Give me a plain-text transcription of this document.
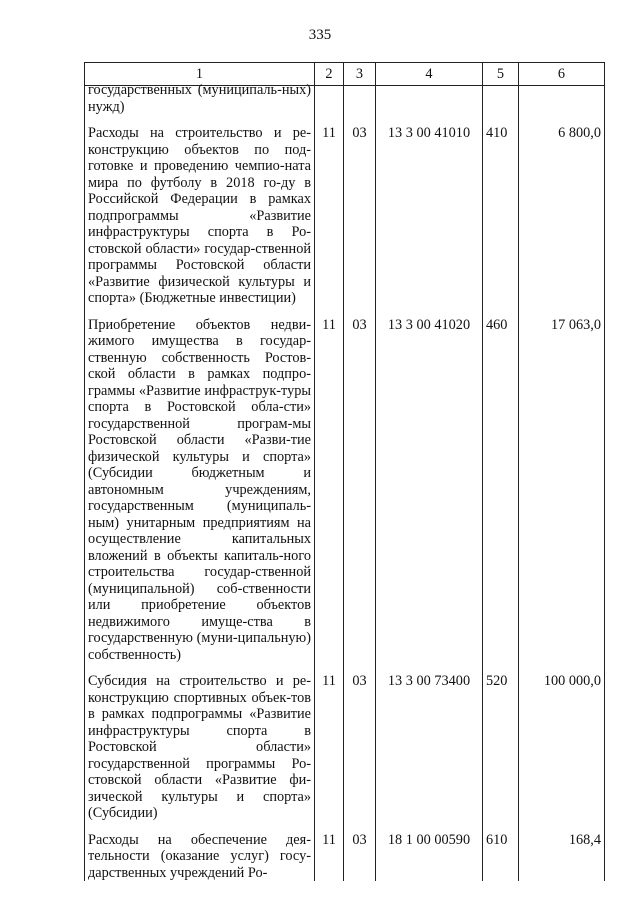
335
1	2	3	4	5	6

государственных (муниципаль-ных) нужд)					

Расходы на строительство и ре-конструкцию объектов по под-готовке и проведению чемпио-ната мира по футболу в 2018 го-ду в Российской Федерации в рамках подпрограммы «Развитие инфраструктуры спорта в Ро-стовской области» государ-ственной программы Ростовской области «Развитие физической культуры и спорта» (Бюджетные инвестиции)	11	03	13 3 00 41010	410	6 800,0

Приобретение объектов недви-жимого имущества в государ-ственную собственность Ростов-ской области в рамках подпро-граммы «Развитие инфраструк-туры спорта в Ростовской обла-сти» государственной програм-мы Ростовской области «Разви-тие физической культуры и спорта» (Субсидии бюджетным и автономным учреждениям, государственным (муниципаль-ным) унитарным предприятиям на осуществление капитальных вложений в объекты капиталь-ного строительства государ-ственной (муниципальной) соб-ственности или приобретение объектов недвижимого имуще-ства в государственную (муни-ципальную) собственность)	11	03	13 3 00 41020	460	17 063,0

Субсидия на строительство и ре-конструкцию спортивных объек-тов в рамках подпрограммы «Развитие инфраструктуры спорта в Ростовской области» государственной программы Ро-стовской области «Развитие фи-зической культуры и спорта» (Субсидии)	11	03	13 3 00 73400	520	100 000,0

Расходы на обеспечение дея-тельности (оказание услуг) госу-дарственных учреждений Ро-	11	03	18 1 00 00590	610	168,4
